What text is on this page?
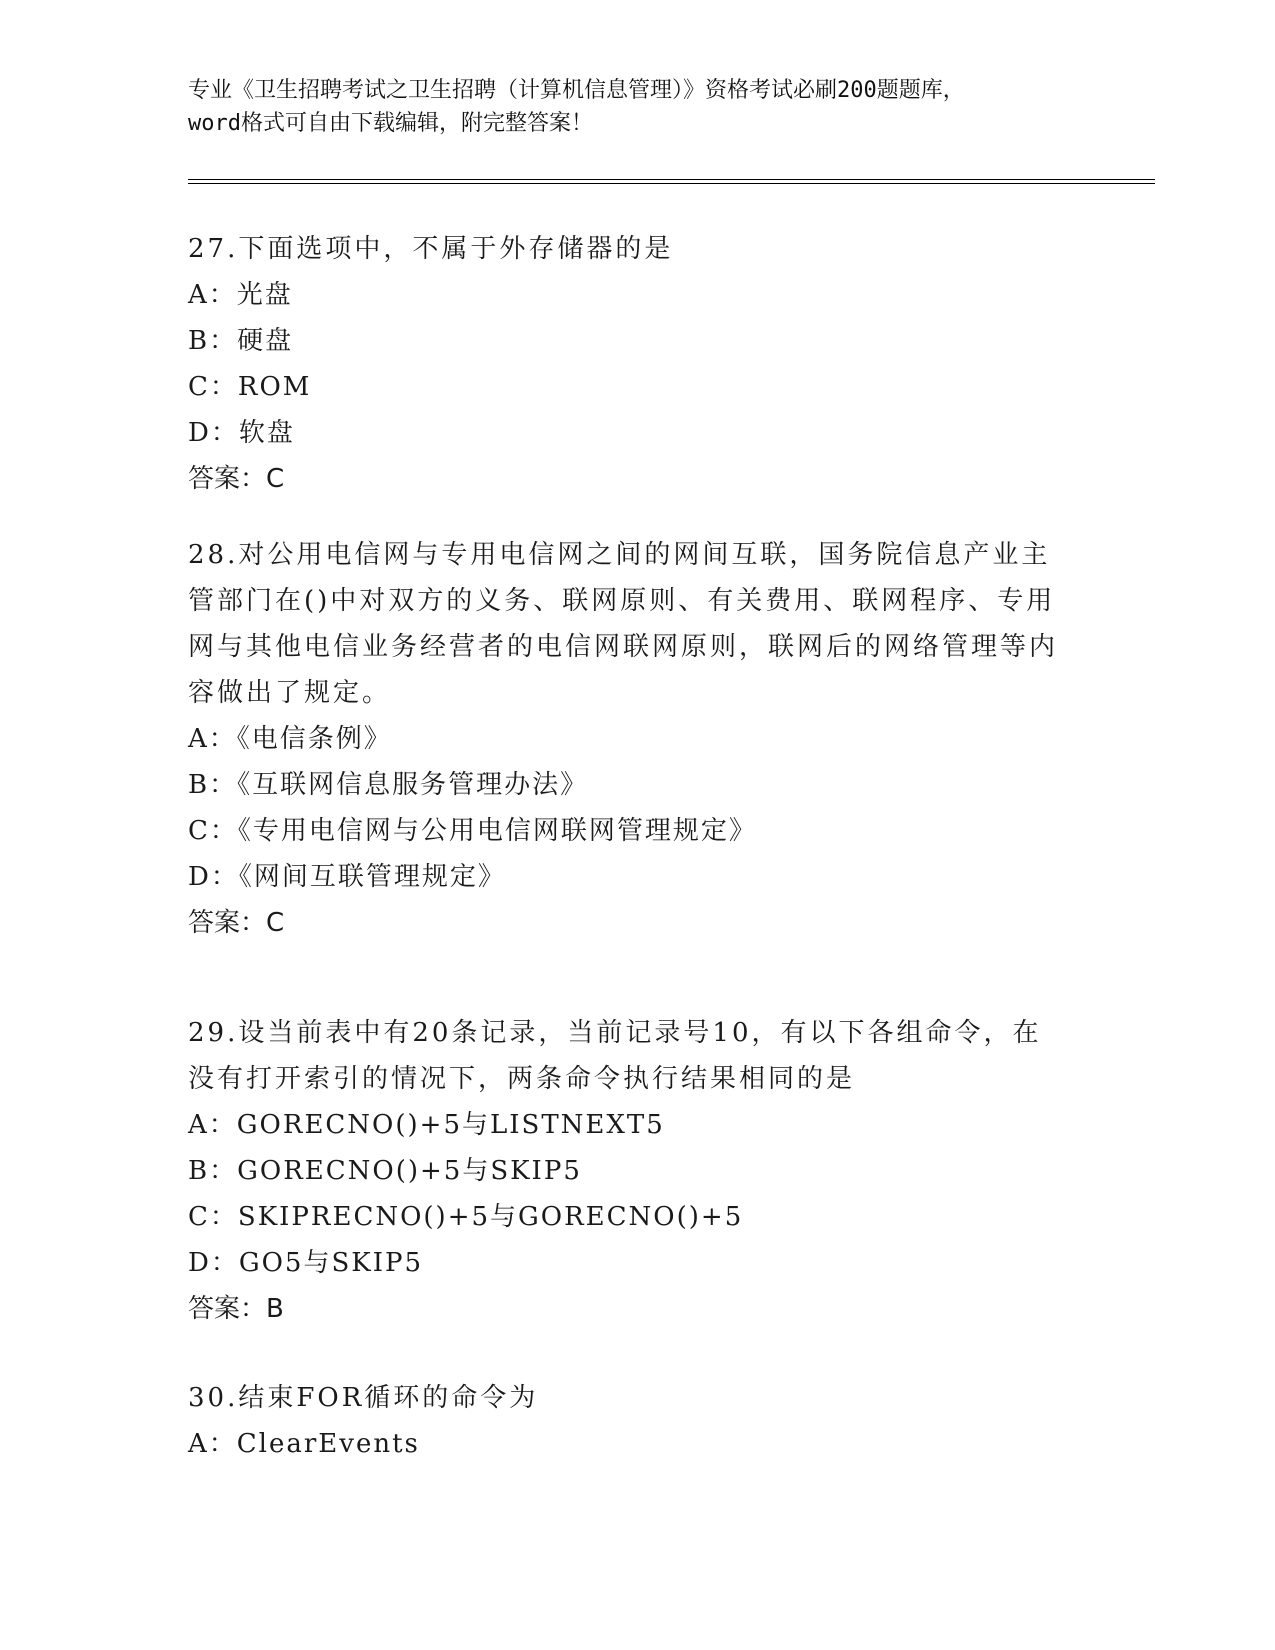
专业《卫生招聘考试之卫生招聘（计算机信息管理）》资格考试必刷200题题库，
word格式可自由下载编辑，附完整答案！

27.下面选项中，不属于外存储器的是

A：光盘
B：硬盘
C：ROM
D：软盘
答案：C

28.对公用电信网与专用电信网之间的网间互联，国务院信息产业主管部门在()中对双方的义务、联网原则、有关费用、联网程序、专用网与其他电信业务经营者的电信网联网原则，联网后的网络管理等内容做出了规定。

A：《电信条例》
B：《互联网信息服务管理办法》
C：《专用电信网与公用电信网联网管理规定》
D：《网间互联管理规定》
答案：C

29.设当前表中有20条记录，当前记录号10，有以下各组命令，在没有打开索引的情况下，两条命令执行结果相同的是

A：GORECNO()+5与LISTNEXT5
B：GORECNO()+5与SKIP5
C：SKIPRECNO()+5与GORECNO()+5
D：GO5与SKIP5
答案：B

30.结束FOR循环的命令为

A：ClearEvents
